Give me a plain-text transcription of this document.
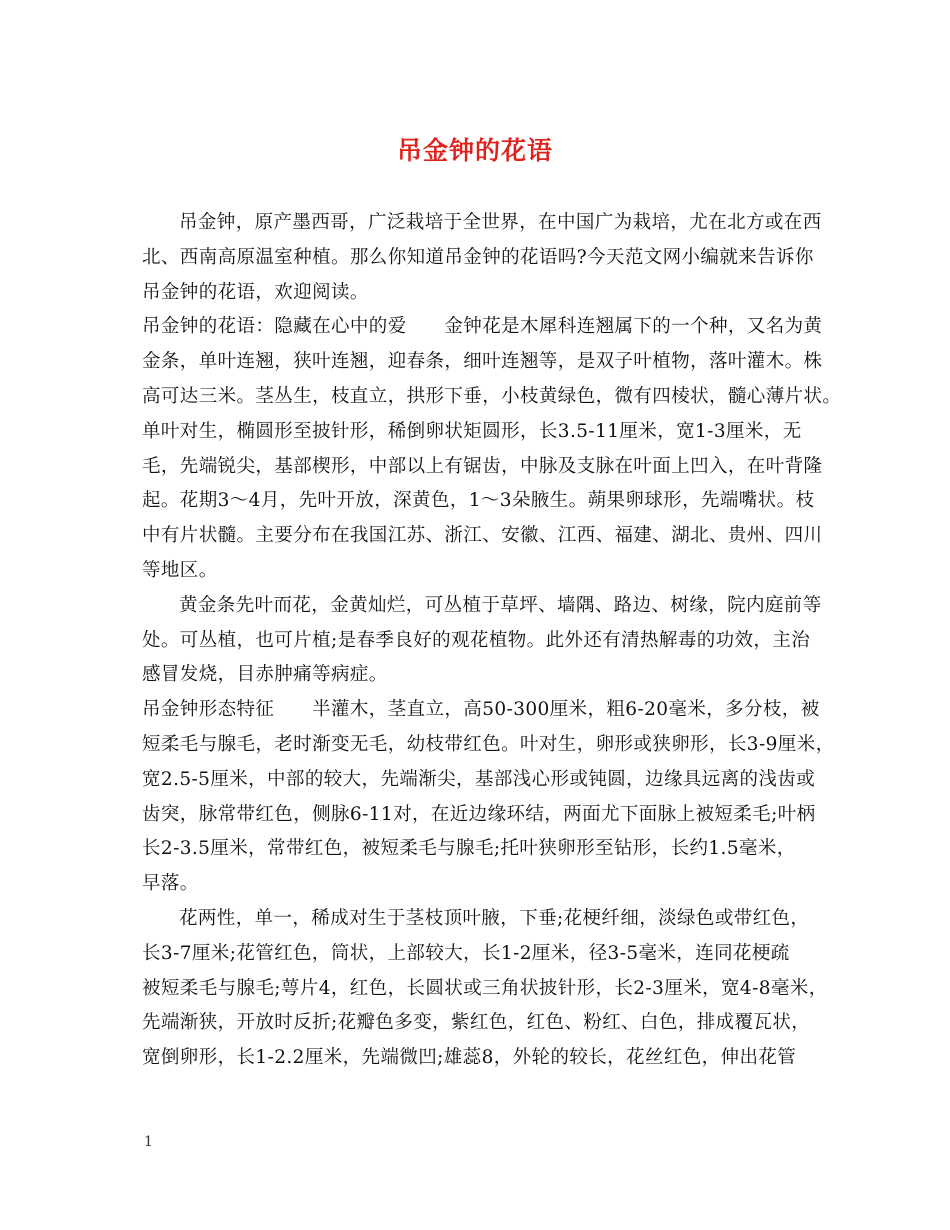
吊金钟的花语
吊金钟，原产墨西哥，广泛栽培于全世界，在中国广为栽培，尤在北方或在西
北、西南高原温室种植。那么你知道吊金钟的花语吗?今天范文网小编就来告诉你
吊金钟的花语，欢迎阅读。
吊金钟的花语：隐藏在心中的爱　　金钟花是木犀科连翘属下的一个种，又名为黄
金条，单叶连翘，狭叶连翘，迎春条，细叶连翘等，是双子叶植物，落叶灌木。株
高可达三米。茎丛生，枝直立，拱形下垂，小枝黄绿色，微有四棱状，髓心薄片状。
单叶对生，椭圆形至披针形，稀倒卵状矩圆形，长3.5-11厘米，宽1-3厘米，无
毛，先端锐尖，基部楔形，中部以上有锯齿，中脉及支脉在叶面上凹入，在叶背隆
起。花期3～4月，先叶开放，深黄色，1～3朵腋生。蒴果卵球形，先端嘴状。枝
中有片状髓。主要分布在我国江苏、浙江、安徽、江西、福建、湖北、贵州、四川
等地区。
黄金条先叶而花，金黄灿烂，可丛植于草坪、墙隅、路边、树缘，院内庭前等
处。可丛植，也可片植;是春季良好的观花植物。此外还有清热解毒的功效，主治
感冒发烧，目赤肿痛等病症。
吊金钟形态特征　　半灌木，茎直立，高50-300厘米，粗6-20毫米，多分枝，被
短柔毛与腺毛，老时渐变无毛，幼枝带红色。叶对生，卵形或狭卵形，长3-9厘米，
宽2.5-5厘米，中部的较大，先端渐尖，基部浅心形或钝圆，边缘具远离的浅齿或
齿突，脉常带红色，侧脉6-11对，在近边缘环结，两面尤下面脉上被短柔毛;叶柄
长2-3.5厘米，常带红色，被短柔毛与腺毛;托叶狭卵形至钻形，长约1.5毫米，
早落。
花两性，单一，稀成对生于茎枝顶叶腋，下垂;花梗纤细，淡绿色或带红色，
长3-7厘米;花管红色，筒状，上部较大，长1-2厘米，径3-5毫米，连同花梗疏
被短柔毛与腺毛;萼片4，红色，长圆状或三角状披针形，长2-3厘米，宽4-8毫米，
先端渐狭，开放时反折;花瓣色多变，紫红色，红色、粉红、白色，排成覆瓦状，
宽倒卵形，长1-2.2厘米，先端微凹;雄蕊8，外轮的较长，花丝红色，伸出花管
1
